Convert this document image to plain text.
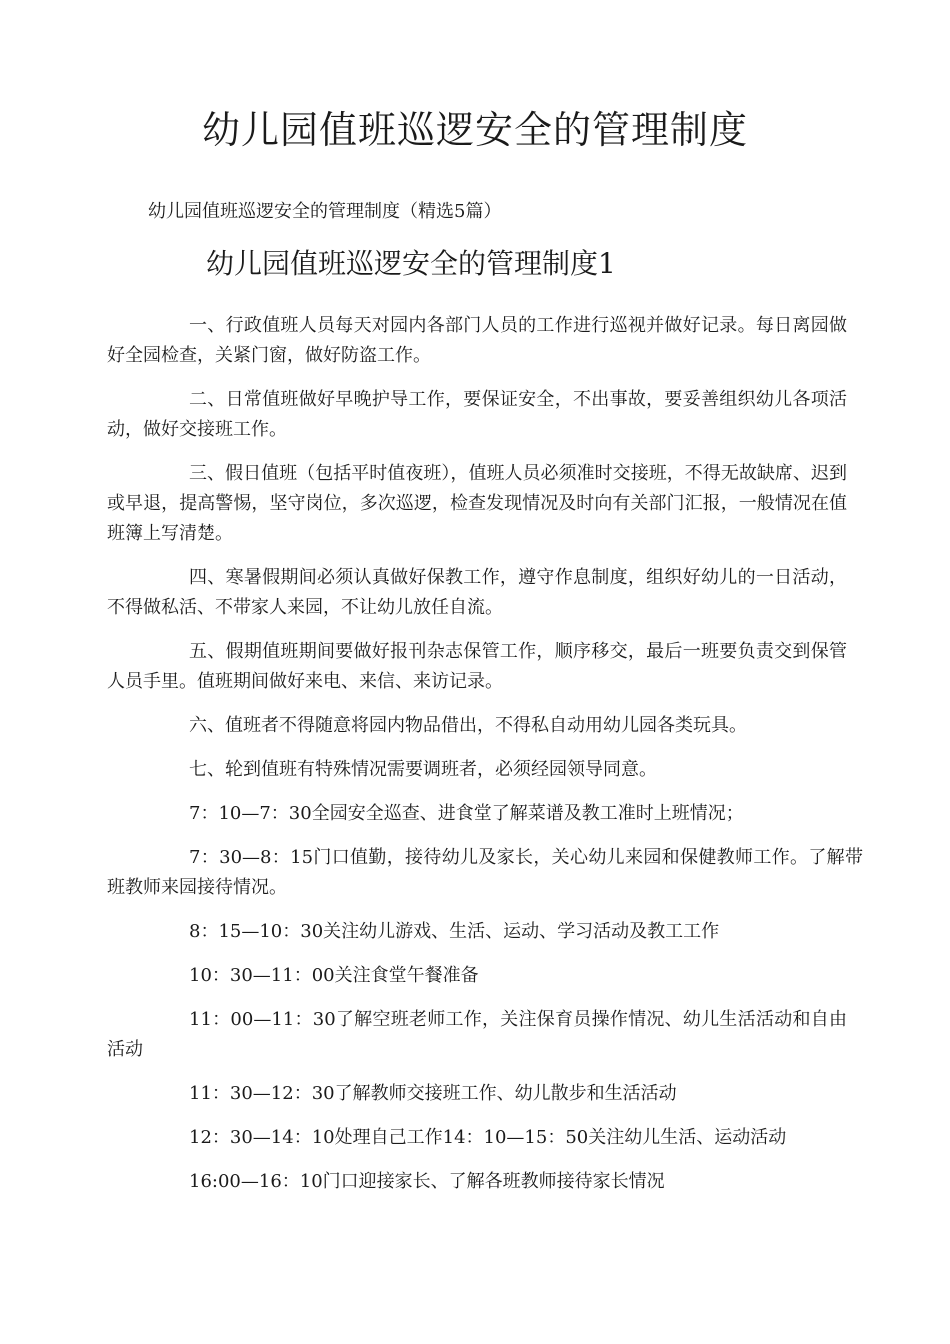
幼儿园值班巡逻安全的管理制度

幼儿园值班巡逻安全的管理制度（精选5篇）

幼儿园值班巡逻安全的管理制度1

一、行政值班人员每天对园内各部门人员的工作进行巡视并做好记录。每日离园做好全园检查，关紧门窗，做好防盗工作。

二、日常值班做好早晚护导工作，要保证安全，不出事故，要妥善组织幼儿各项活动，做好交接班工作。

三、假日值班（包括平时值夜班），值班人员必须准时交接班，不得无故缺席、迟到或早退，提高警惕，坚守岗位，多次巡逻，检查发现情况及时向有关部门汇报，一般情况在值班簿上写清楚。

四、寒暑假期间必须认真做好保教工作，遵守作息制度，组织好幼儿的一日活动，不得做私活、不带家人来园，不让幼儿放任自流。

五、假期值班期间要做好报刊杂志保管工作，顺序移交，最后一班要负责交到保管人员手里。值班期间做好来电、来信、来访记录。

六、值班者不得随意将园内物品借出，不得私自动用幼儿园各类玩具。

七、轮到值班有特殊情况需要调班者，必须经园领导同意。

7：10—7：30全园安全巡查、进食堂了解菜谱及教工准时上班情况；

7：30—8：15门口值勤，接待幼儿及家长，关心幼儿来园和保健教师工作。了解带班教师来园接待情况。

8：15—10：30关注幼儿游戏、生活、运动、学习活动及教工工作

10：30—11：00关注食堂午餐准备

11：00—11：30了解空班老师工作，关注保育员操作情况、幼儿生活活动和自由活动

11：30—12：30了解教师交接班工作、幼儿散步和生活活动

12：30—14：10处理自己工作14：10—15：50关注幼儿生活、运动活动

16:00—16：10门口迎接家长、了解各班教师接待家长情况
